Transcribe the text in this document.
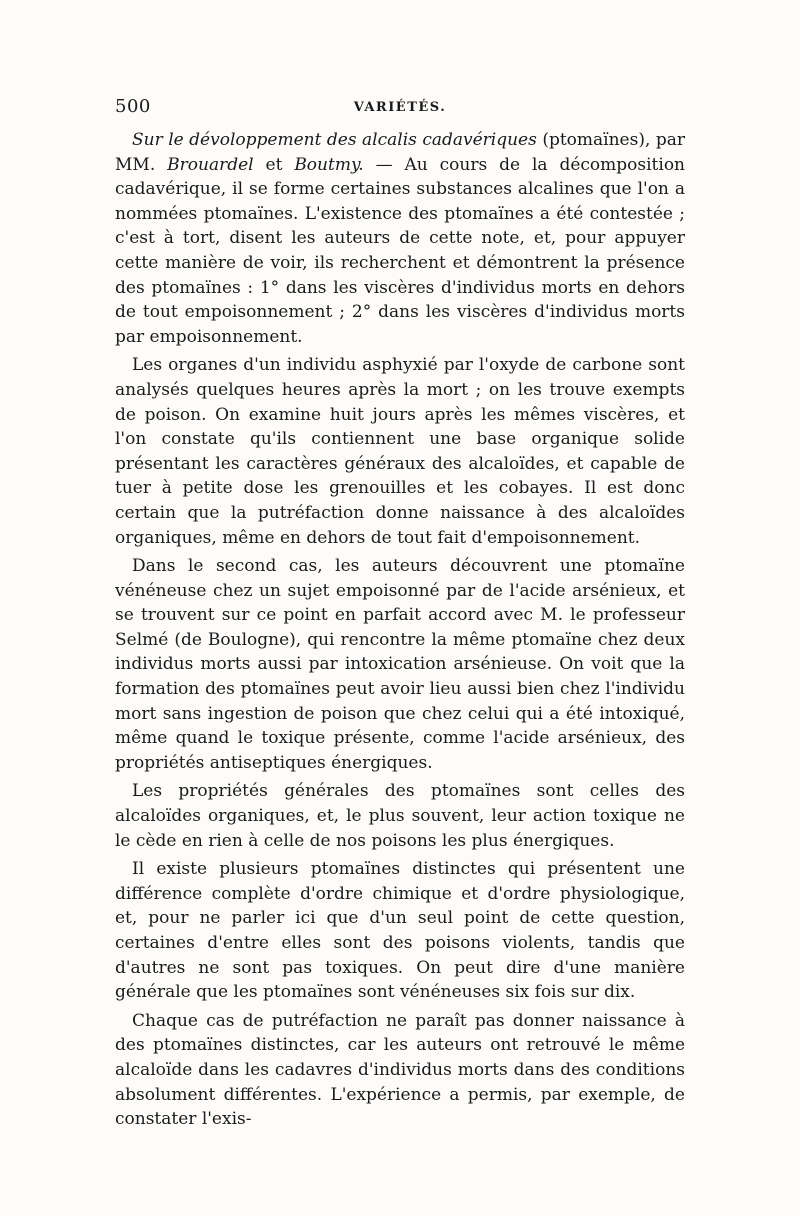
500	VARIÉTÉS.

Sur le dévoloppement des alcalis cadavériques (ptomaïnes), par MM. Brouardel et Boutmy. — Au cours de la décomposition cadavérique, il se forme certaines substances alcalines que l'on a nommées ptomaïnes. L'existence des ptomaïnes a été contestée ; c'est à tort, disent les auteurs de cette note, et, pour appuyer cette manière de voir, ils recherchent et démontrent la présence des ptomaïnes : 1° dans les viscères d'individus morts en dehors de tout empoisonnement ; 2° dans les viscères d'individus morts par empoisonnement.

Les organes d'un individu asphyxié par l'oxyde de carbone sont analysés quelques heures après la mort ; on les trouve exempts de poison. On examine huit jours après les mêmes viscères, et l'on constate qu'ils contiennent une base organique solide présentant les caractères généraux des alcaloïdes, et capable de tuer à petite dose les grenouilles et les cobayes. Il est donc certain que la putréfaction donne naissance à des alcaloïdes organiques, même en dehors de tout fait d'empoisonnement.

Dans le second cas, les auteurs découvrent une ptomaïne vénéneuse chez un sujet empoisonné par de l'acide arsénieux, et se trouvent sur ce point en parfait accord avec M. le professeur Selmé (de Boulogne), qui rencontre la même ptomaïne chez deux individus morts aussi par intoxication arsénieuse. On voit que la formation des ptomaïnes peut avoir lieu aussi bien chez l'individu mort sans ingestion de poison que chez celui qui a été intoxiqué, même quand le toxique présente, comme l'acide arsénieux, des propriétés antiseptiques énergiques.

Les propriétés générales des ptomaïnes sont celles des alcaloïdes organiques, et, le plus souvent, leur action toxique ne le cède en rien à celle de nos poisons les plus énergiques.

Il existe plusieurs ptomaïnes distinctes qui présentent une différence complète d'ordre chimique et d'ordre physiologique, et, pour ne parler ici que d'un seul point de cette question, certaines d'entre elles sont des poisons violents, tandis que d'autres ne sont pas toxiques. On peut dire d'une manière générale que les ptomaïnes sont vénéneuses six fois sur dix.

Chaque cas de putréfaction ne paraît pas donner naissance à des ptomaïnes distinctes, car les auteurs ont retrouvé le même alcaloïde dans les cadavres d'individus morts dans des conditions absolument différentes. L'expérience a permis, par exemple, de constater l'exis-
